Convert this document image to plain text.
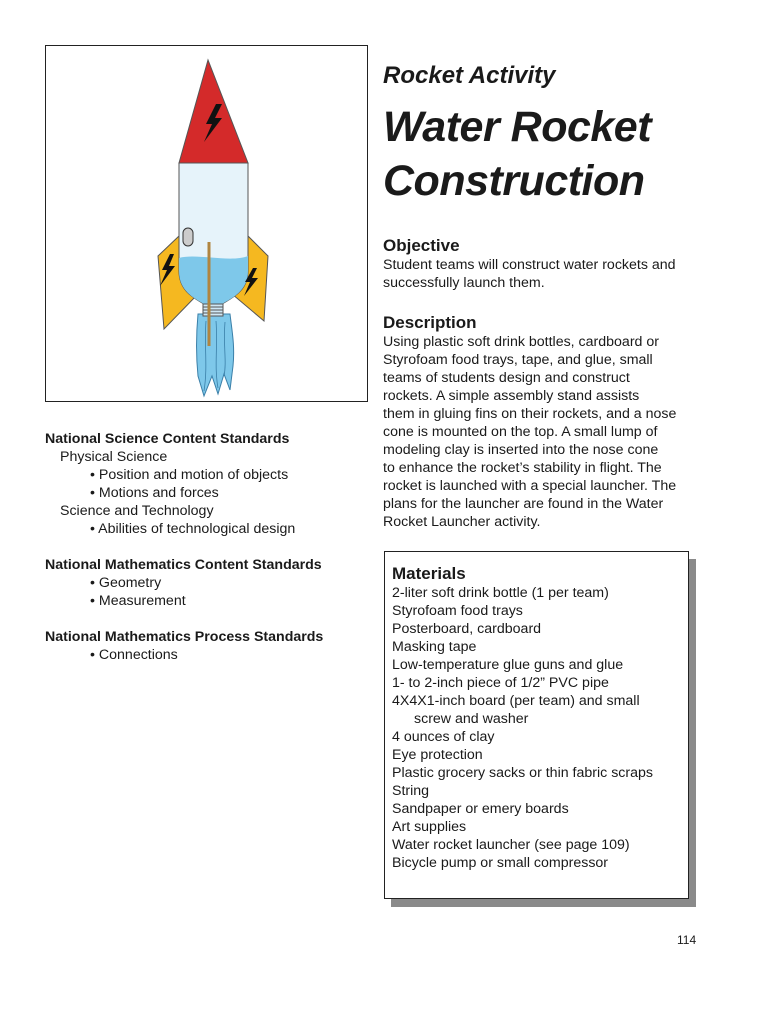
Rocket Activity
Water Rocket
Construction
Objective
Student teams will construct water rockets and
successfully launch them.
Description
Using plastic soft drink bottles, cardboard or
Styrofoam food trays, tape, and glue, small
teams of students design and construct
rockets. A simple assembly stand assists
them in gluing fins on their rockets, and a nose
cone is mounted on the top. A small lump of
modeling clay is inserted into the nose cone
to enhance the rocket’s stability in flight. The
rocket is launched with a special launcher. The
plans for the launcher are found in the Water
Rocket Launcher activity.
Materials
2-liter soft drink bottle (1 per team)
Styrofoam food trays
Posterboard, cardboard
Masking tape
Low-temperature glue guns and glue
1- to 2-inch piece of 1/2” PVC pipe
4X4X1-inch board (per team) and small
screw and washer
4 ounces of clay
Eye protection
Plastic grocery sacks or thin fabric scraps
String
Sandpaper or emery boards
Art supplies
Water rocket launcher (see page 109)
Bicycle pump or small compressor
National Science Content Standards
Physical Science
• Position and motion of objects
• Motions and forces
Science and Technology
• Abilities of technological design
National Mathematics Content Standards
• Geometry
• Measurement
National Mathematics Process Standards
• Connections
114
